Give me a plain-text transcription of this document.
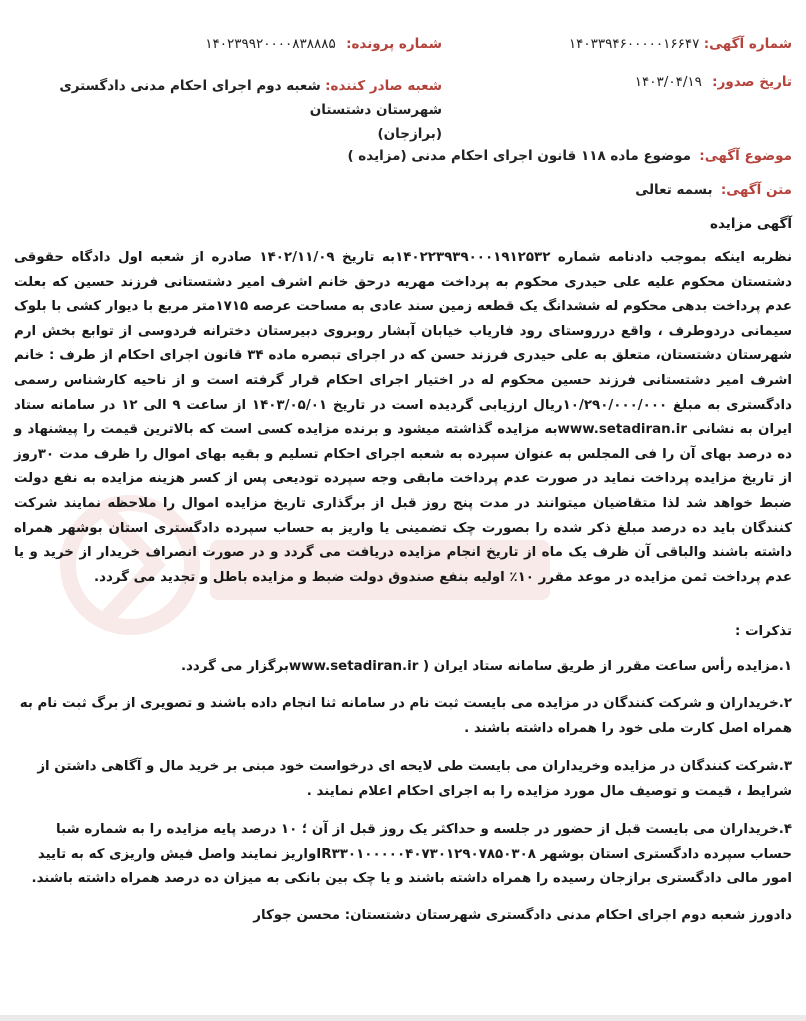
شماره آگهی: ۱۴۰۳۳۹۴۶۰۰۰۰۰۱۶۶۴۷
شماره پرونده: ۱۴۰۲۳۹۹۲۰۰۰۰۸۳۸۸۸۵
تاریخ صدور: ۱۴۰۳/۰۴/۱۹
شعبه صادر کننده: شعبه دوم اجرای احکام مدنی دادگستری شهرستان دشتستان
(برازجان)
موضوع آگهی: موضوع ماده ۱۱۸ قانون اجرای احکام مدنی (مزایده )
متن آگهی: بسمه تعالی
آگهی مزایده
نظربه اینکه بموجب دادنامه شماره ۱۴۰۲۲۳۹۳۹۰۰۰۱۹۱۲۵۳۲به تاریخ ۱۴۰۲/۱۱/۰۹ صادره از شعبه اول دادگاه حقوقی دشتستان محکوم علیه علی حیدری محکوم به پرداخت مهریه درحق خانم اشرف امیر دشتستانی فرزند حسین که بعلت عدم پرداخت بدهی محکوم له ششدانگ یک قطعه زمین سند عادی به مساحت عرصه ۱۷۱۵متر مربع با دیوار کشی با بلوک سیمانی دردوطرف ، واقع درروستای رود فاریاب خیابان آبشار روبروی دبیرستان دخترانه فردوسی از توابع بخش ارم شهرستان دشتستان، متعلق به علی حیدری فرزند حسن که در اجرای تبصره ماده ۳۴ قانون اجرای احکام از طرف : خانم اشرف امیر دشتستانی فرزند حسین محکوم له در اختیار اجرای احکام قرار گرفته است و از ناحیه کارشناس رسمی دادگستری به مبلغ ۱۰/۲۹۰/۰۰۰/۰۰۰ریال ارزیابی گردیده است در تاریخ ۱۴۰۳/۰۵/۰۱ از ساعت ۹ الی ۱۲ در سامانه ستاد ایران به نشانی www.setadiran.irبه مزایده گذاشته میشود و برنده مزایده کسی است که بالاترین قیمت را پیشنهاد و ده درصد بهای آن را فی المجلس به عنوان سپرده به شعبه اجرای احکام تسلیم و بقیه بهای اموال را ظرف مدت ۳۰روز از تاریخ مزایده پرداخت نماید در صورت عدم پرداخت مابقی وجه سپرده تودیعی پس از کسر هزینه مزایده به نفع دولت ضبط خواهد شد لذا متقاضیان میتوانند در مدت پنج روز قبل از برگذاری تاریخ مزایده اموال را ملاحظه نمایند شرکت کنندگان باید ده درصد مبلغ ذکر شده را بصورت چک تضمینی یا واریز به حساب سپرده دادگستری استان بوشهر همراه داشته باشند والباقی آن ظرف یک ماه از تاریخ انجام مزایده دریافت می گردد و در صورت انصراف خریدار از خرید و یا عدم پرداخت ثمن مزایده در موعد مقرر ۱۰٪ اولیه بنفع صندوق دولت ضبط و مزایده باطل و تجدید می گردد.
تذکرات :
۱.مزایده رأس ساعت مقرر از طریق سامانه ستاد ایران ( www.setadiran.irبرگزار می گردد.
۲.خریداران و شرکت کنندگان در مزایده می بایست ثبت نام در سامانه ثنا انجام داده باشند و تصویری از برگ ثبت نام به همراه اصل کارت ملی خود را همراه داشته باشند .
۳.شرکت کنندگان در مزایده وخریداران می بایست طی لایحه ای درخواست خود مبنی بر خرید مال و آگاهی داشتن از شرایط ، قیمت و توصیف مال مورد مزایده را به اجرای احکام اعلام نمایند .
۴.خریداران می بایست قبل از حضور در جلسه و حداکثر یک روز قبل از آن ؛ ۱۰ درصد پایه مزایده را به شماره شبا حساب سپرده دادگستری استان بوشهر IR۳۳۰۱۰۰۰۰۰۴۰۷۳۰۱۲۹۰۷۸۵۰۳۰۸واریز نمایند واصل فیش واریزی که به تایید امور مالی دادگستری برازجان رسیده را همراه داشته باشند و یا چک بین بانکی به میزان ده درصد همراه داشته باشند.
دادورز شعبه دوم اجرای احکام مدنی دادگستری شهرستان دشتستان: محسن جوکار
